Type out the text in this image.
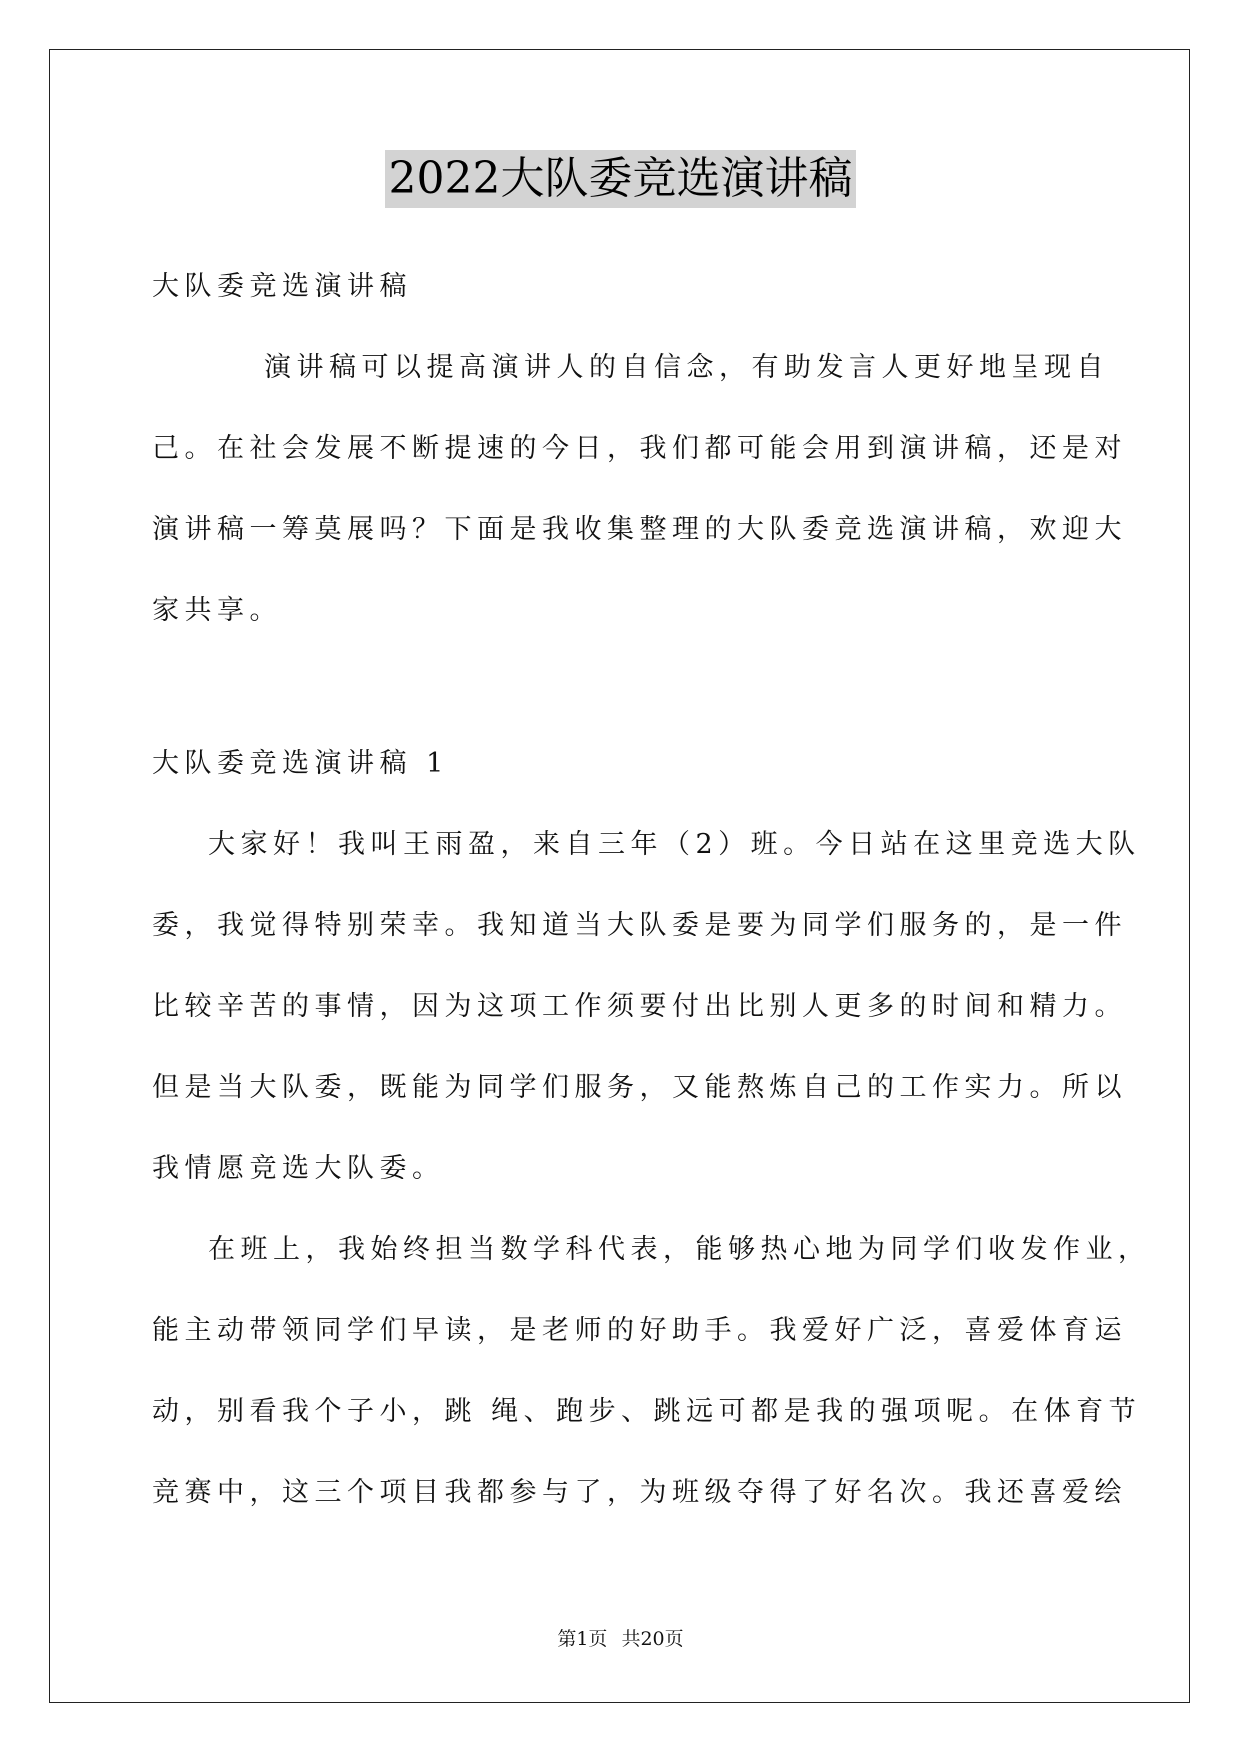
2022大队委竞选演讲稿
大队委竞选演讲稿
演讲稿可以提高演讲人的自信念，有助发言人更好地呈现自
己。在社会发展不断提速的今日，我们都可能会用到演讲稿，还是对
演讲稿一筹莫展吗？下面是我收集整理的大队委竞选演讲稿，欢迎大
家共享。
大队委竞选演讲稿 1
大家好！我叫王雨盈，来自三年（2）班。今日站在这里竞选大队
委，我觉得特别荣幸。我知道当大队委是要为同学们服务的，是一件
比较辛苦的事情，因为这项工作须要付出比别人更多的时间和精力。
但是当大队委，既能为同学们服务，又能熬炼自己的工作实力。所以
我情愿竞选大队委。
在班上，我始终担当数学科代表，能够热心地为同学们收发作业，
能主动带领同学们早读，是老师的好助手。我爱好广泛，喜爱体育运
动，别看我个子小，跳 绳、跑步、跳远可都是我的强项呢。在体育节
竞赛中，这三个项目我都参与了，为班级夺得了好名次。我还喜爱绘
第1页 共20页
